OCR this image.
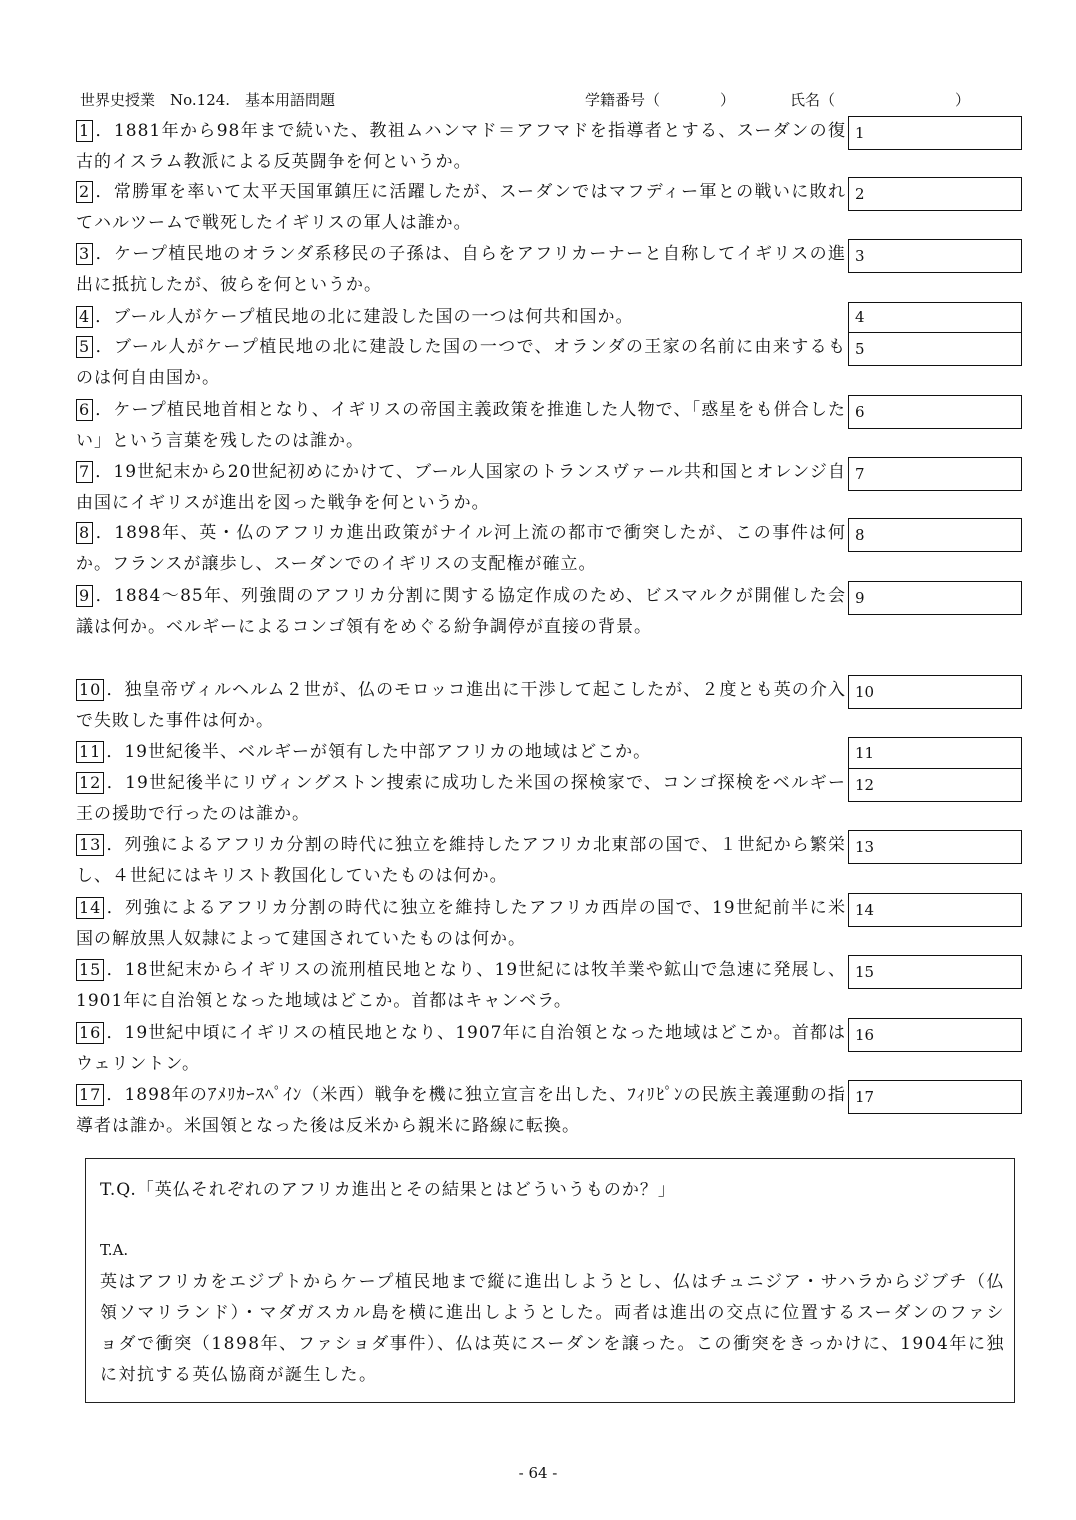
世界史授業　No.124.　基本用語問題	学籍番号（　　　　）	氏名（　　　　　　　　）
1 ．1881年から98年まで続いた、教祖ムハンマド＝アフマドを指導者とする、スーダンの復古的イスラム教派による反英闘争を何というか。
1
2 ．常勝軍を率いて太平天国軍鎮圧に活躍したが、スーダンではマフディー軍との戦いに敗れてハルツームで戦死したイギリスの軍人は誰か。
2
3 ．ケープ植民地のオランダ系移民の子孫は、自らをアフリカーナーと自称してイギリスの進出に抵抗したが、彼らを何というか。
3
4 ．ブール人がケープ植民地の北に建設した国の一つは何共和国か。	4
5 ．ブール人がケープ植民地の北に建設した国の一つで、オランダの王家の名前に由来するものは何自由国か。
5
6 ．ケープ植民地首相となり、イギリスの帝国主義政策を推進した人物で、「惑星をも併合したい」という言葉を残したのは誰か。
6
7 ．19世紀末から20世紀初めにかけて、ブール人国家のトランスヴァール共和国とオレンジ自由国にイギリスが進出を図った戦争を何というか。
7
8 ．1898年、英・仏のアフリカ進出政策がナイル河上流の都市で衝突したが、この事件は何か。フランスが譲歩し、スーダンでのイギリスの支配権が確立。
8
9 ．1884～85年、列強間のアフリカ分割に関する協定作成のため、ビスマルクが開催した会議は何か。ベルギーによるコンゴ領有をめぐる紛争調停が直接の背景。
9
10 ．独皇帝ヴィルヘルム２世が、仏のモロッコ進出に干渉して起こしたが、２度とも英の介入で失敗した事件は何か。
10
11 ．19世紀後半、ベルギーが領有した中部アフリカの地域はどこか。	11
12 ．19世紀後半にリヴィングストン捜索に成功した米国の探検家で、コンゴ探検をベルギー王の援助で行ったのは誰か。
12
13 ．列強によるアフリカ分割の時代に独立を維持したアフリカ北東部の国で、１世紀から繁栄し、４世紀にはキリスト教国化していたものは何か。
13
14 ．列強によるアフリカ分割の時代に独立を維持したアフリカ西岸の国で、19世紀前半に米国の解放黒人奴隷によって建国されていたものは何か。
14
15 ．18世紀末からイギリスの流刑植民地となり、19世紀には牧羊業や鉱山で急速に発展し、1901年に自治領となった地域はどこか。首都はキャンベラ。
15
16 ．19世紀中頃にイギリスの植民地となり、1907年に自治領となった地域はどこか。首都はウェリントン。
16
17 ．1898年のｱﾒﾘｶｰｽﾍﾟｲﾝ（米西）戦争を機に独立宣言を出した、ﾌｨﾘﾋﾟﾝの民族主義運動の指導者は誰か。米国領となった後は反米から親米に路線に転換。
17
T.Q.「英仏それぞれのアフリカ進出とその結果とはどういうものか？」
T.A.
英はアフリカをエジプトからケープ植民地まで縦に進出しようとし、仏はチュニジア・サハラからジブチ（仏領ソマリランド）・マダガスカル島を横に進出しようとした。両者は進出の交点に位置するスーダンのファショダで衝突（1898年、ファショダ事件）、仏は英にスーダンを譲った。この衝突をきっかけに、1904年に独に対抗する英仏協商が誕生した。
- 64 -
